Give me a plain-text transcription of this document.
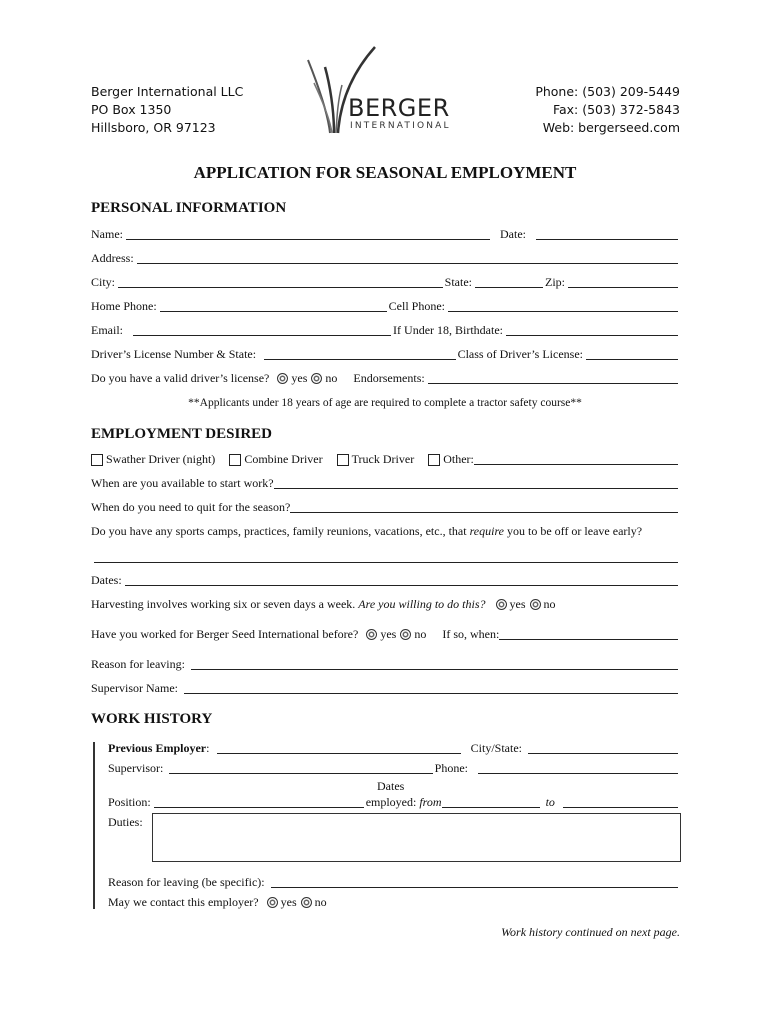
Berger International LLC
PO Box 1350
Hillsboro, OR 97123
BERGER
INTERNATIONAL
Phone: (503) 209-5449
Fax: (503) 372-5843
Web: bergerseed.com
APPLICATION FOR SEASONAL EMPLOYMENT
PERSONAL INFORMATION
Name:	Date:
Address:
City:	State:	Zip:
Home Phone:	Cell Phone:
Email:	If Under 18, Birthdate:
Driver’s License Number & State:	Class of Driver’s License:
Do you have a valid driver’s license? yes no Endorsements:
**Applicants under 18 years of age are required to complete a tractor safety course**
EMPLOYMENT DESIRED
Swather Driver (night) Combine Driver Truck Driver Other:
When are you available to start work?
When do you need to quit for the season?
Do you have any sports camps, practices, family reunions, vacations, etc., that require you to be off or leave early?
Dates:
Harvesting involves working six or seven days a week. Are you willing to do this? yes no
Have you worked for Berger Seed International before? yes no If so, when:
Reason for leaving:
Supervisor Name:
WORK HISTORY
Previous Employer:	City/State:
Supervisor:	Phone:
Dates
Position:	employed: from	to
Duties:
Reason for leaving (be specific):
May we contact this employer? yes no
Work history continued on next page.
